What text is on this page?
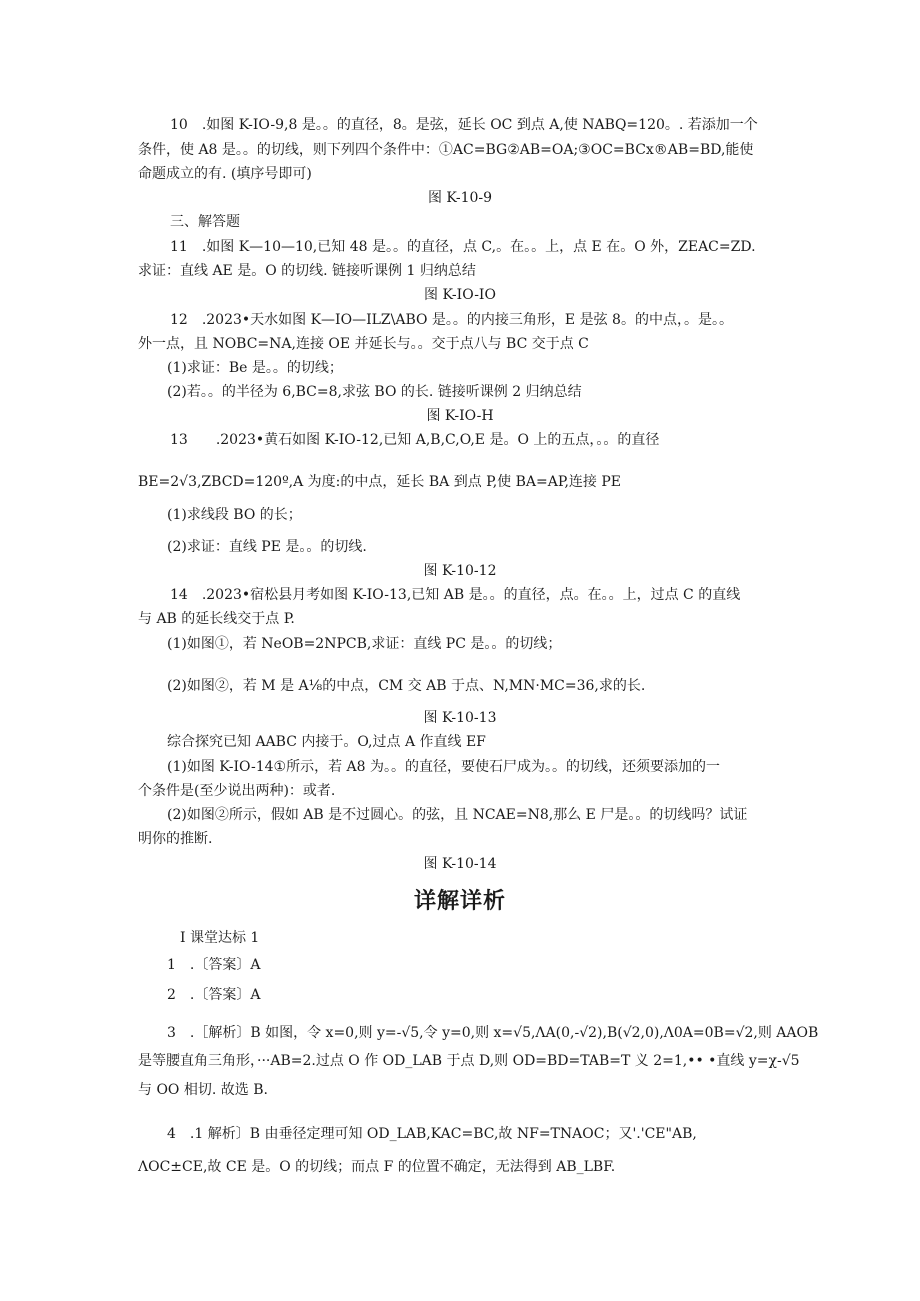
10　.如图 K-IO-9,8 是。。的直径，8。是弦，延长 OC 到点 A,使 NABQ=120。. 若添加一个
条件，使 A8 是。。的切线，则下列四个条件中：①AC=BG②AB=OA;③OC=BCx®AB=BD,能使
命题成立的有. (填序号即可)
图 K-10-9
三、解答题
11　.如图 K—10—10,已知 48 是。。的直径，点 C,。在。。上，点 E 在。O 外，ZEAC=ZD.
求证：直线 AE 是。O 的切线. 链接听课例 1 归纳总结
图 K-IO-IO
12　.2023•天水如图 K—IO—ILZ\ABO 是。。的内接三角形，E 是弦 8。的中点，。是。。
外一点，且 NOBC=NA,连接 OE 并延长与。。交于点八与 BC 交于点 C
(1)求证：Be 是。。的切线；
(2)若。。的半径为 6,BC=8,求弦 BO 的长. 链接听课例 2 归纳总结
图 K-IO-H
13　　.2023•黄石如图 K-IO-12,已知 A,B,C,O,E 是。O 上的五点，。。的直径
BE=2√3,ZBCD=120º,A 为度:的中点，延长 BA 到点 P,使 BA=AP,连接 PE
(1)求线段 BO 的长；
(2)求证：直线 PE 是。。的切线.
图 K-10-12
14　.2023•宿松县月考如图 K-IO-13,已知 AB 是。。的直径，点。在。。上，过点 C 的直线
与 AB 的延长线交于点 P.
(1)如图①，若 NeOB=2NPCB,求证：直线 PC 是。。的切线；
(2)如图②，若 M 是 A⅛的中点，CM 交 AB 于点、N,MN·MC=36,求的长.
图 K-10-13
综合探究已知 AABC 内接于。O,过点 A 作直线 EF
(1)如图 K-IO-14①所示，若 A8 为。。的直径，要使石尸成为。。的切线，还须要添加的一
个条件是(至少说出两种)：或者.
(2)如图②所示，假如 AB 是不过圆心。的弦，且 NCAE=N8,那么 E 尸是。。的切线吗？试证
明你的推断.
图 K-10-14
详解详析
I 课堂达标 1
1　.〔答案〕A
2　.〔答案〕A
3　.［解析〕B 如图，令 x=0,则 y=-√5,令 y=0,则 x=√5,ΛA(0,-√2),B(√2,0),Λ0A=0B=√2,则 AAOB
是等腰直角三角形，···AB=2.过点 O 作 OD_LAB 于点 D,则 OD=BD=TAB=T 义 2=1,•• •直线 y=χ-√5
与 OO 相切. 故选 B.
4　.1 解析〕B 由垂径定理可知 OD_LAB,KAC=BC,故 NF=TNAOC；又'.'CE"AB,
ΛOC±CE,故 CE 是。O 的切线；而点 F 的位置不确定，无法得到 AB_LBF.
